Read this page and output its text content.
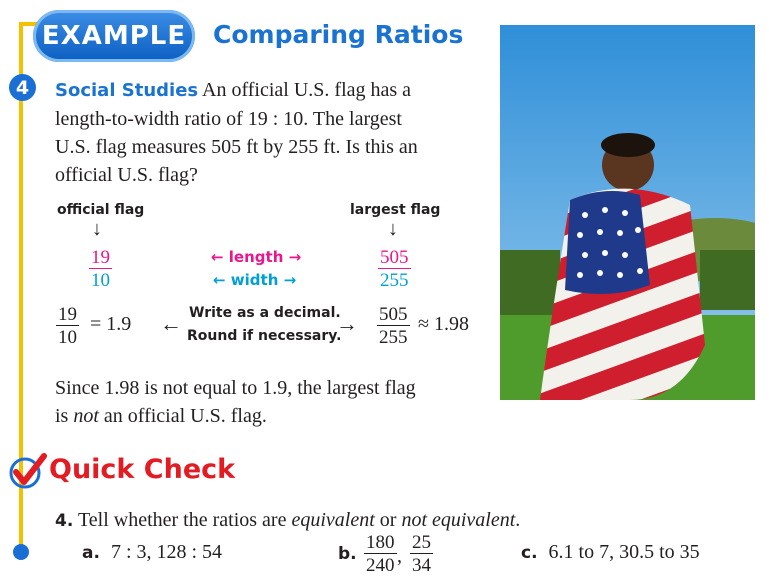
EXAMPLE Comparing Ratios
4	Social Studies An official U.S. flag has a
length-to-width ratio of 19 : 10. The largest
U.S. flag measures 505 ft by 255 ft. Is this an
official U.S. flag?
official flag
↓
largest flag
↓
$\frac{19}{10}$	← length →
← width →	$\frac{505}{255}$
$\frac{19}{10} = 1.9$ ← Write as a decimal.
Round if necessary.
→ $\frac{505}{255} \approx 1.98$
Since 1.98 is not equal to 1.9, the largest flag
is not an official U.S. flag.
Quick Check
4. Tell whether the ratios are equivalent or not equivalent.
a. 7 : 3, 128 : 54	b. $\frac{180}{240}$ , $\frac{25}{34}$	c. 6.1 to 7, 30.5 to 35
